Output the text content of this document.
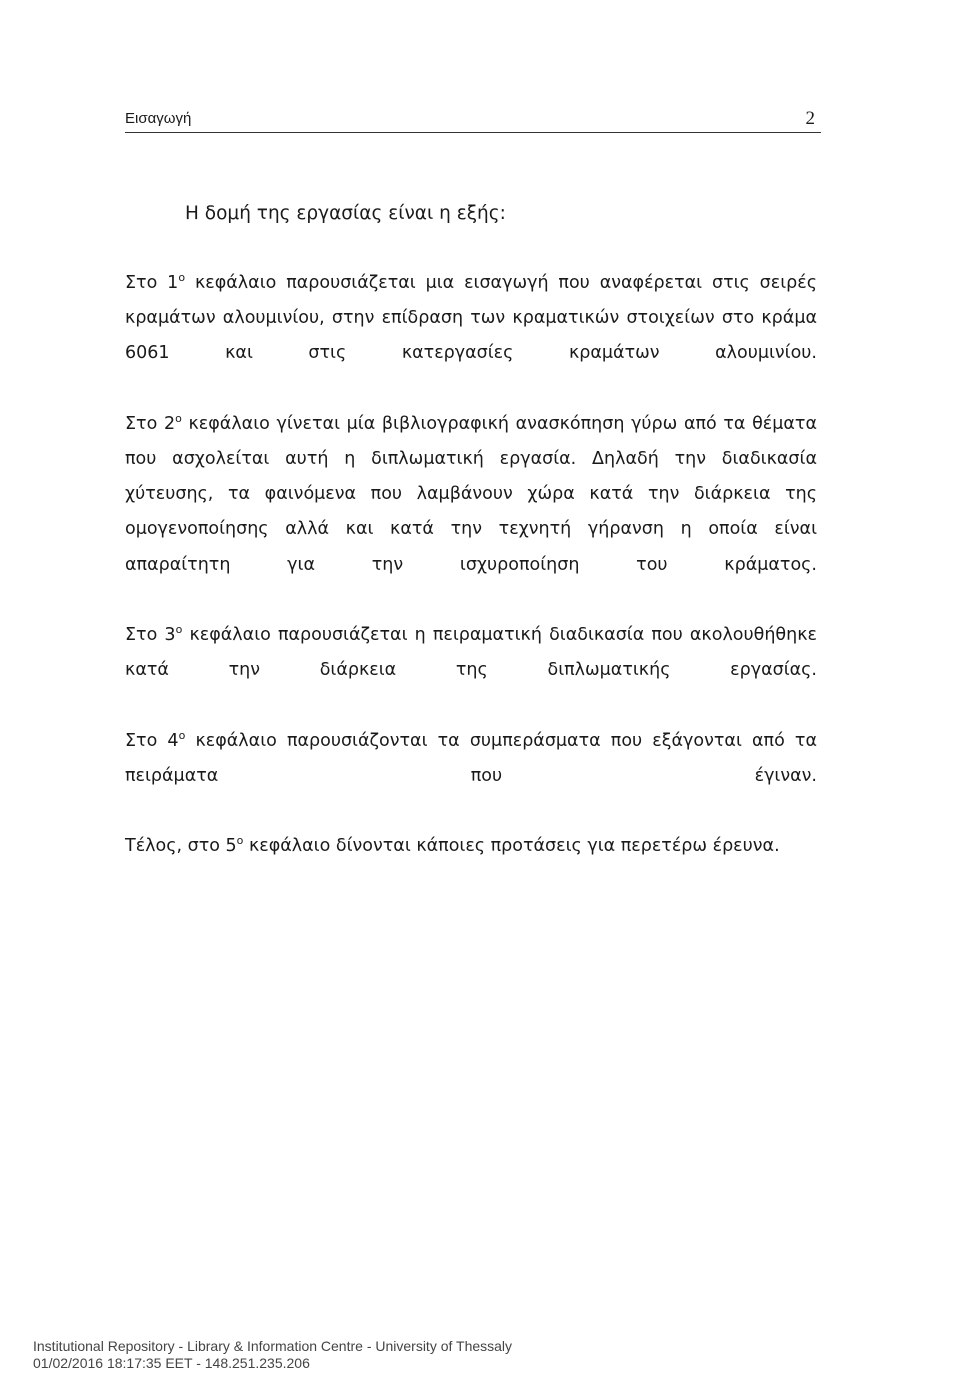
Εισαγωγή	2
Η δομή της εργασίας είναι η εξής:

Στο $1^o$ κεφάλαιο παρουσιάζεται μια εισαγωγή που αναφέρεται στις σειρές κραμάτων αλουμινίου, στην επίδραση των κραματικών στοιχείων στο κράμα 6061 και στις κατεργασίες κραμάτων αλουμινίου.

Στο $2^o$ κεφάλαιο γίνεται μία βιβλιογραφική ανασκόπηση γύρω από τα θέματα που ασχολείται αυτή η διπλωματική εργασία. Δηλαδή την διαδικασία χύτευσης, τα φαινόμενα που λαμβάνουν χώρα κατά την διάρκεια της ομογενοποίησης αλλά και κατά την τεχνητή γήρανση η οποία είναι απαραίτητη για την ισχυροποίηση του κράματος.

Στο $3^o$ κεφάλαιο παρουσιάζεται η πειραματική διαδικασία που ακολουθήθηκε κατά την διάρκεια της διπλωματικής εργασίας.

Στο $4^o$ κεφάλαιο παρουσιάζονται τα συμπεράσματα που εξάγονται από τα πειράματα που έγιναν.

Τέλος, στο $5^o$ κεφάλαιο δίνονται κάποιες προτάσεις για περετέρω έρευνα.

Institutional Repository - Library & Information Centre - University of Thessaly
01/02/2016 18:17:35 EET - 148.251.235.206
